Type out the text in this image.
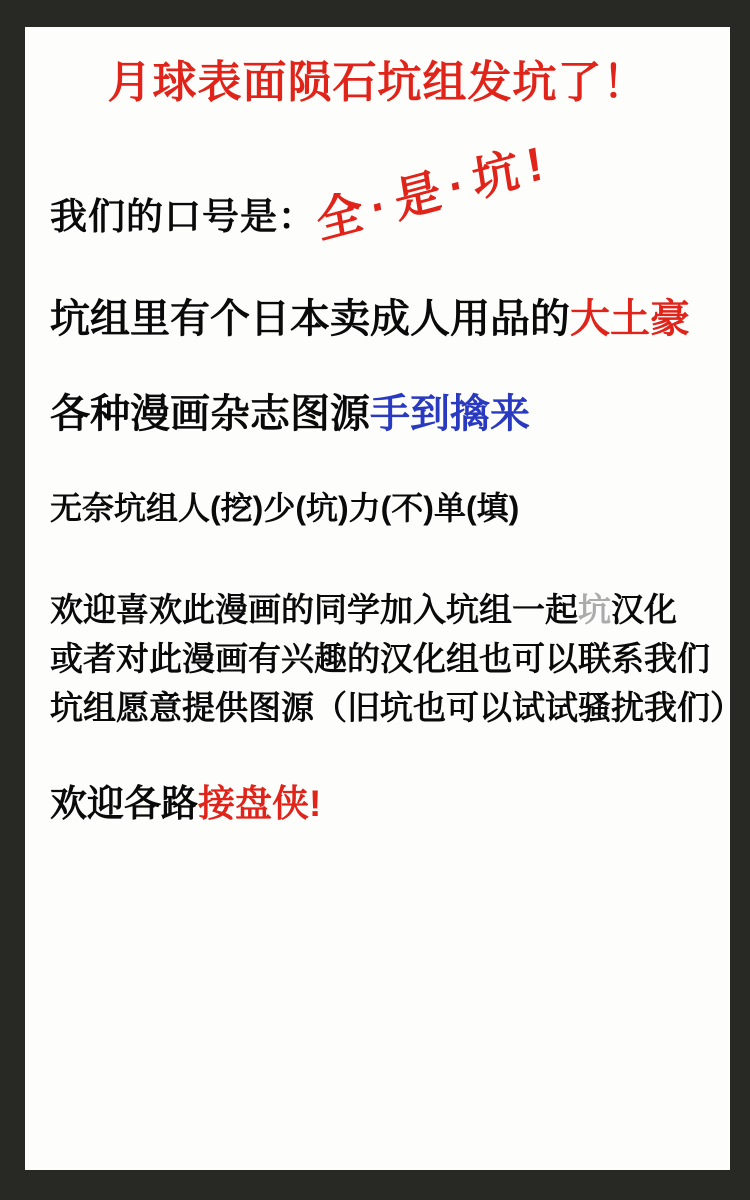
月球表面陨石坑组发坑了！
我们的口号是：
全·是·坑!
坑组里有个日本卖成人用品的大土豪
各种漫画杂志图源手到擒来
无奈坑组人(挖)少(坑)力(不)单(填)
欢迎喜欢此漫画的同学加入坑组一起坑汉化
或者对此漫画有兴趣的汉化组也可以联系我们
坑组愿意提供图源（旧坑也可以试试骚扰我们）
欢迎各路接盘侠!
